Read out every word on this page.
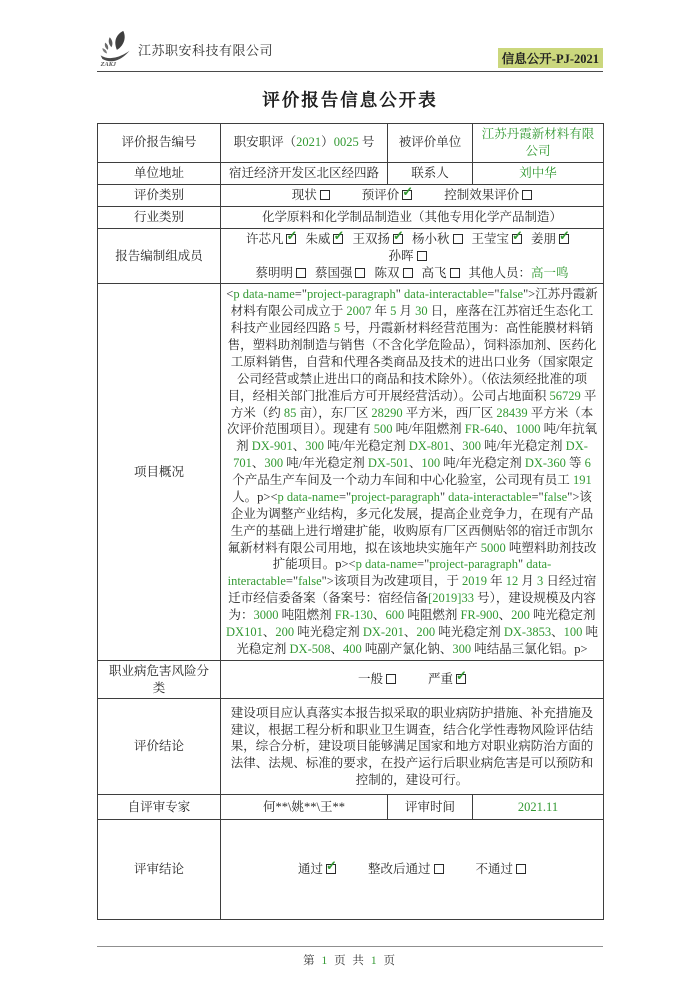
ZAKJ
江苏职安科技有限公司
信息公开-PJ-2021
评价报告信息公开表
评价报告编号	职安职评（2021）0025 号	被评价单位	江苏丹霞新材料有限公司
单位地址	宿迁经济开发区北区经四路	联系人	刘中华
评价类别	现状 预评价 ✓ 控制效果评价		
行业类别	化学原料和化学制品制造业（其他专用化学产品制造）		
报告编制组成员	许芯凡 ✓ 朱威 ✓ 王双扬 ✓ 杨小秋 王莹宝 ✓ 姜朋 ✓
孙晖
蔡明明 蔡国强 陈双 高飞 其他人员：高一鸣
项目概况	<p data-name="project-paragraph" data-interactable="false">江苏丹霞新材料有限公司成立于 2007 年 5 月 30 日，座落在江苏宿迁生态化工科技产业园经四路 5 号，丹霞新材料经营范围为：高性能膜材料销售，塑料助剂制造与销售（不含化学危险品），饲料添加剂、医药化工原料销售，自营和代理各类商品及技术的进出口业务（国家限定公司经营或禁止进出口的商品和技术除外）。（依法须经批准的项目，经相关部门批准后方可开展经营活动）。公司占地面积 56729 平方米（约 85 亩），东厂区 28290 平方米，西厂区 28439 平方米（本次评价范围项目）。现建有 500 吨/年阻燃剂 FR-640、1000 吨/年抗氧剂 DX-901、300 吨/年光稳定剂 DX-801、300 吨/年光稳定剂 DX-701、300 吨/年光稳定剂 DX-501、100 吨/年光稳定剂 DX-360 等 6 个产品生产车间及一个动力车间和中心化验室，公司现有员工 191 人。p><p data-name="project-paragraph" data-interactable="false">该企业为调整产业结构，多元化发展，提高企业竞争力，在现有产品生产的基础上进行增建扩能，收购原有厂区西侧贴邻的宿迁市凯尔氟新材料有限公司用地，拟在该地块实施年产 5000 吨塑料助剂技改扩能项目。p><p data-name="project-paragraph" data-interactable="false">该项目为改建项目，于 2019 年 12 月 3 日经过宿迁市经信委备案（备案号：宿经信备[2019]33 号），建设规模及内容为：3000 吨阻燃剂 FR-130、600 吨阻燃剂 FR-900、200 吨光稳定剂 DX101、200 吨光稳定剂 DX-201、200 吨光稳定剂 DX-3853、100 吨光稳定剂 DX-508、400 吨副产氯化钠、300 吨结晶三氯化铝。p>		
职业病危害风险分类	一般 严重 ✓		

评价结论	建设项目应认真落实本报告拟采取的职业病防护措施、补充措施及建议，根据工程分析和职业卫生调查，结合化学性毒物风险评估结果，综合分析，建设项目能够满足国家和地方对职业病防治方面的法律、法规、标准的要求，在投产运行后职业病危害是可以预防和控制的，建设可行。		
自评审专家	何**\姚**\王**	评审时间	2021.11
评审结论	通过 ✓ 整改后通过 不通过		
第 1 页 共 1 页
